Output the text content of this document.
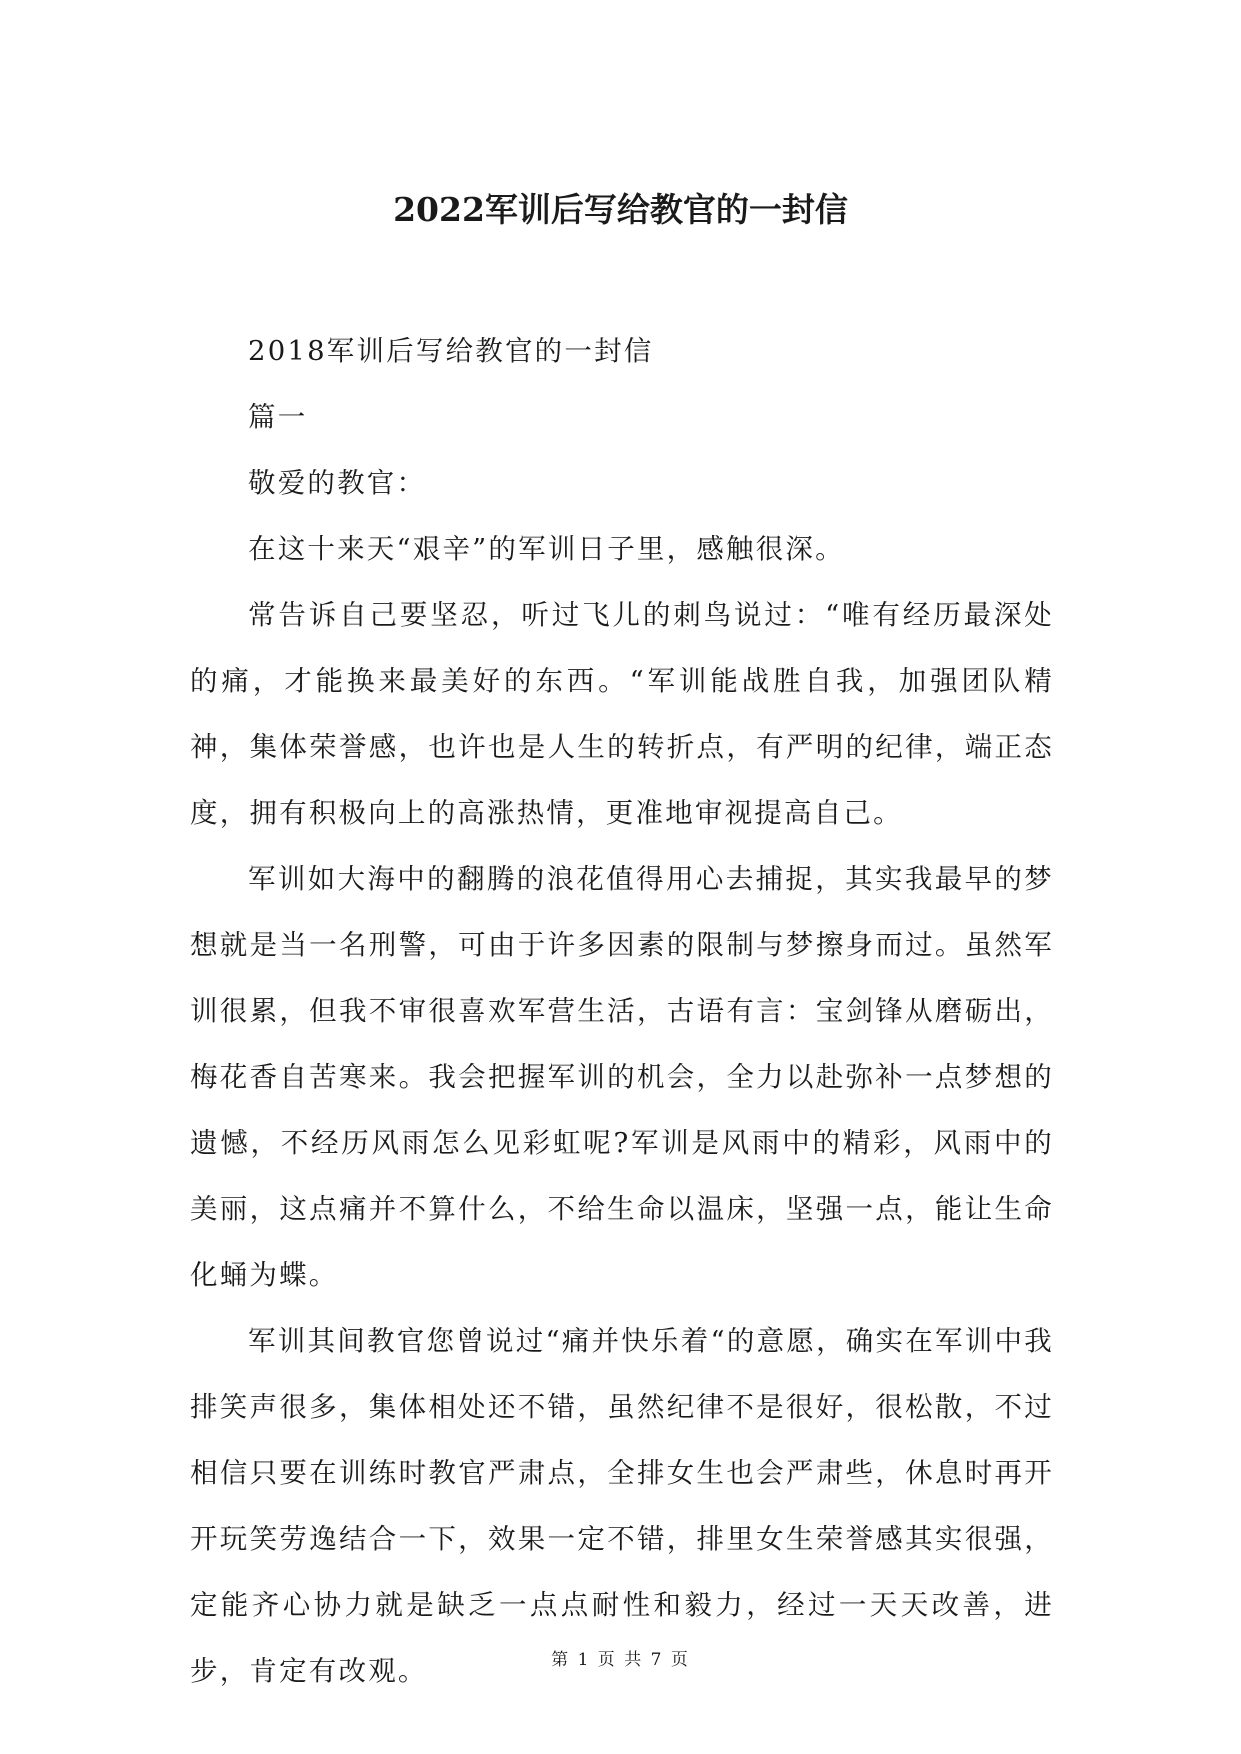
2022军训后写给教官的一封信

2018军训后写给教官的一封信

篇一

敬爱的教官：

在这十来天“艰辛”的军训日子里，感触很深。

常告诉自己要坚忍，听过飞儿的刺鸟说过：“唯有经历最深处的痛，才能换来最美好的东西。“军训能战胜自我，加强团队精神，集体荣誉感，也许也是人生的转折点，有严明的纪律，端正态度，拥有积极向上的高涨热情，更准地审视提高自己。

军训如大海中的翻腾的浪花值得用心去捕捉，其实我最早的梦想就是当一名刑警，可由于许多因素的限制与梦擦身而过。虽然军训很累，但我不审很喜欢军营生活，古语有言：宝剑锋从磨砺出，梅花香自苦寒来。我会把握军训的机会，全力以赴弥补一点梦想的遗憾，不经历风雨怎么见彩虹呢?军训是风雨中的精彩，风雨中的美丽，这点痛并不算什么，不给生命以温床，坚强一点，能让生命化蛹为蝶。

军训其间教官您曾说过“痛并快乐着“的意愿，确实在军训中我排笑声很多，集体相处还不错，虽然纪律不是很好，很松散，不过相信只要在训练时教官严肃点，全排女生也会严肃些，休息时再开开玩笑劳逸结合一下，效果一定不错，排里女生荣誉感其实很强，定能齐心协力就是缺乏一点点耐性和毅力，经过一天天改善，进步，肯定有改观。	第 1 页 共 7 页
